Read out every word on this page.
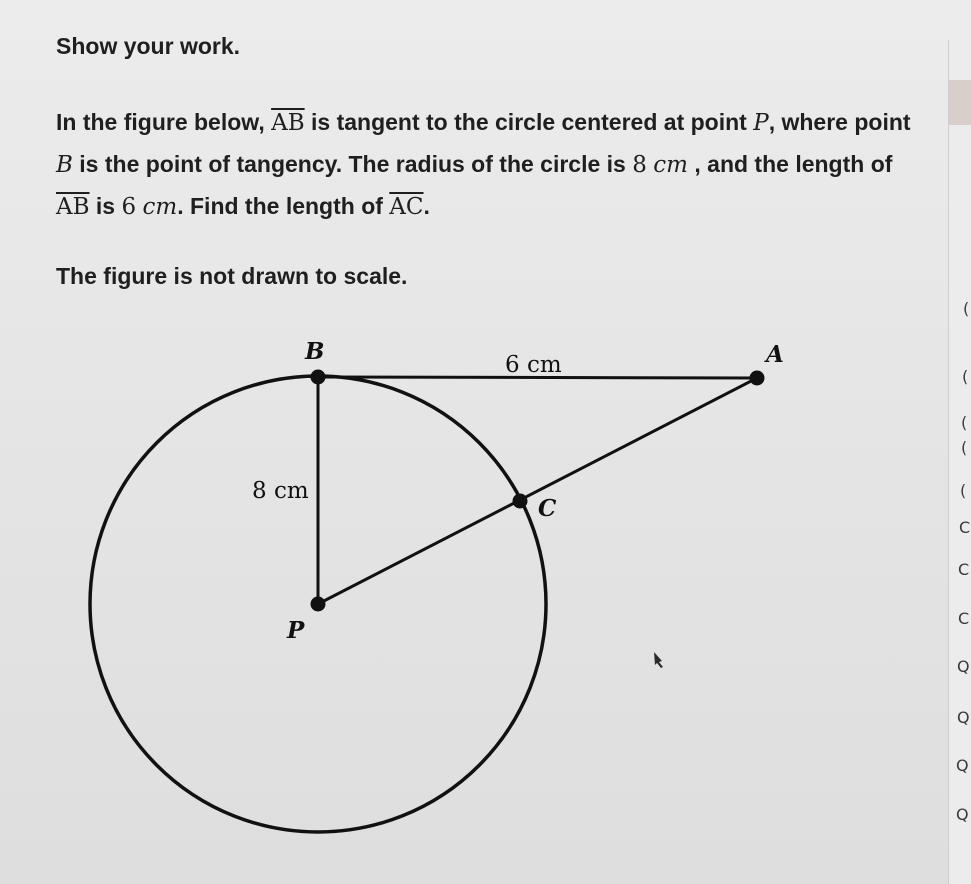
Show your work.
In the figure below, $\overline{AB}$ is tangent to the circle centered at point P, where point B is the point of tangency. The radius of the circle is 8 cm , and the length of $\overline{AB}$ is 6 cm. Find the length of $\overline{AC}$.
The figure is not drawn to scale.
B	A
C
P
6 cm
8 cm
(
(
(
(
(
C
C
C
Q
Q
Q
Q
